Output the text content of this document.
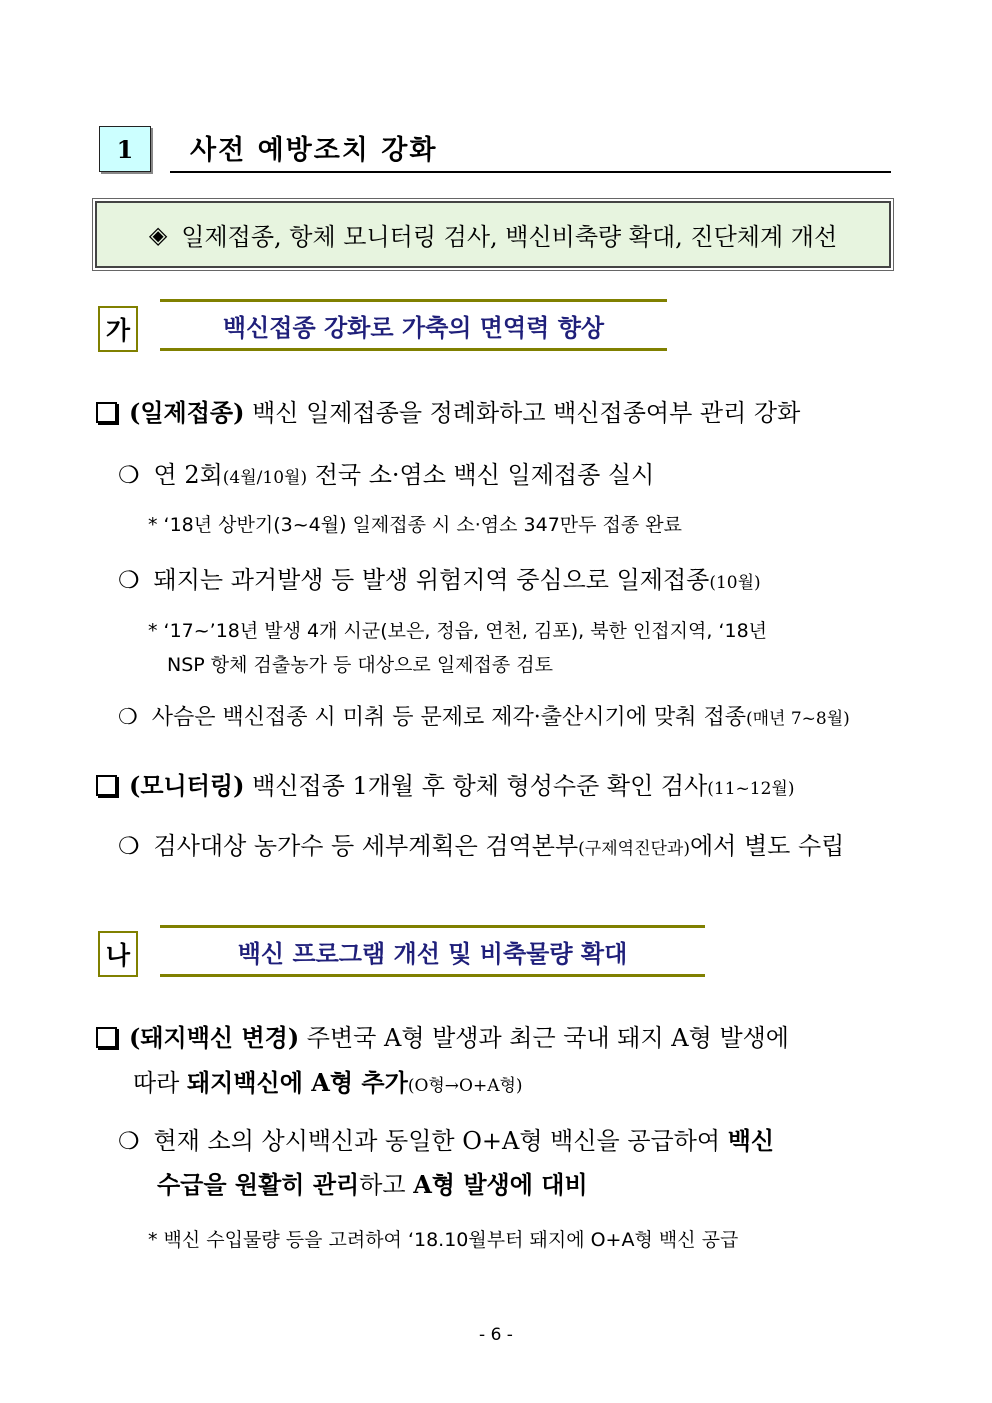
1 사전 예방조치 강화
◈ 일제접종, 항체 모니터링 검사, 백신비축량 확대, 진단체계 개선
가	백신접종 강화로 가축의 면역력 향상
(일제접종) 백신 일제접종을 정례화하고 백신접종여부 관리 강화
❍ 연 2회(4월/10월) 전국 소·염소 백신 일제접종 실시
* ‘18년 상반기(3~4월) 일제접종 시 소·염소 347만두 접종 완료
❍ 돼지는 과거발생 등 발생 위험지역 중심으로 일제접종(10월)
* ‘17~’18년 발생 4개 시군(보은, 정읍, 연천, 김포), 북한 인접지역, ‘18년
NSP 항체 검출농가 등 대상으로 일제접종 검토
❍ 사슴은 백신접종 시 미취 등 문제로 제각·출산시기에 맞춰 접종(매년 7~8월)
(모니터링) 백신접종 1개월 후 항체 형성수준 확인 검사(11~12월)
❍ 검사대상 농가수 등 세부계획은 검역본부(구제역진단과)에서 별도 수립
나	백신 프로그램 개선 및 비축물량 확대
(돼지백신 변경) 주변국 A형 발생과 최근 국내 돼지 A형 발생에
따라 돼지백신에 A형 추가(O형→O+A형)
❍ 현재 소의 상시백신과 동일한 O+A형 백신을 공급하여 백신
수급을 원활히 관리하고 A형 발생에 대비
* 백신 수입물량 등을 고려하여 ‘18.10월부터 돼지에 O+A형 백신 공급
- 6 -
